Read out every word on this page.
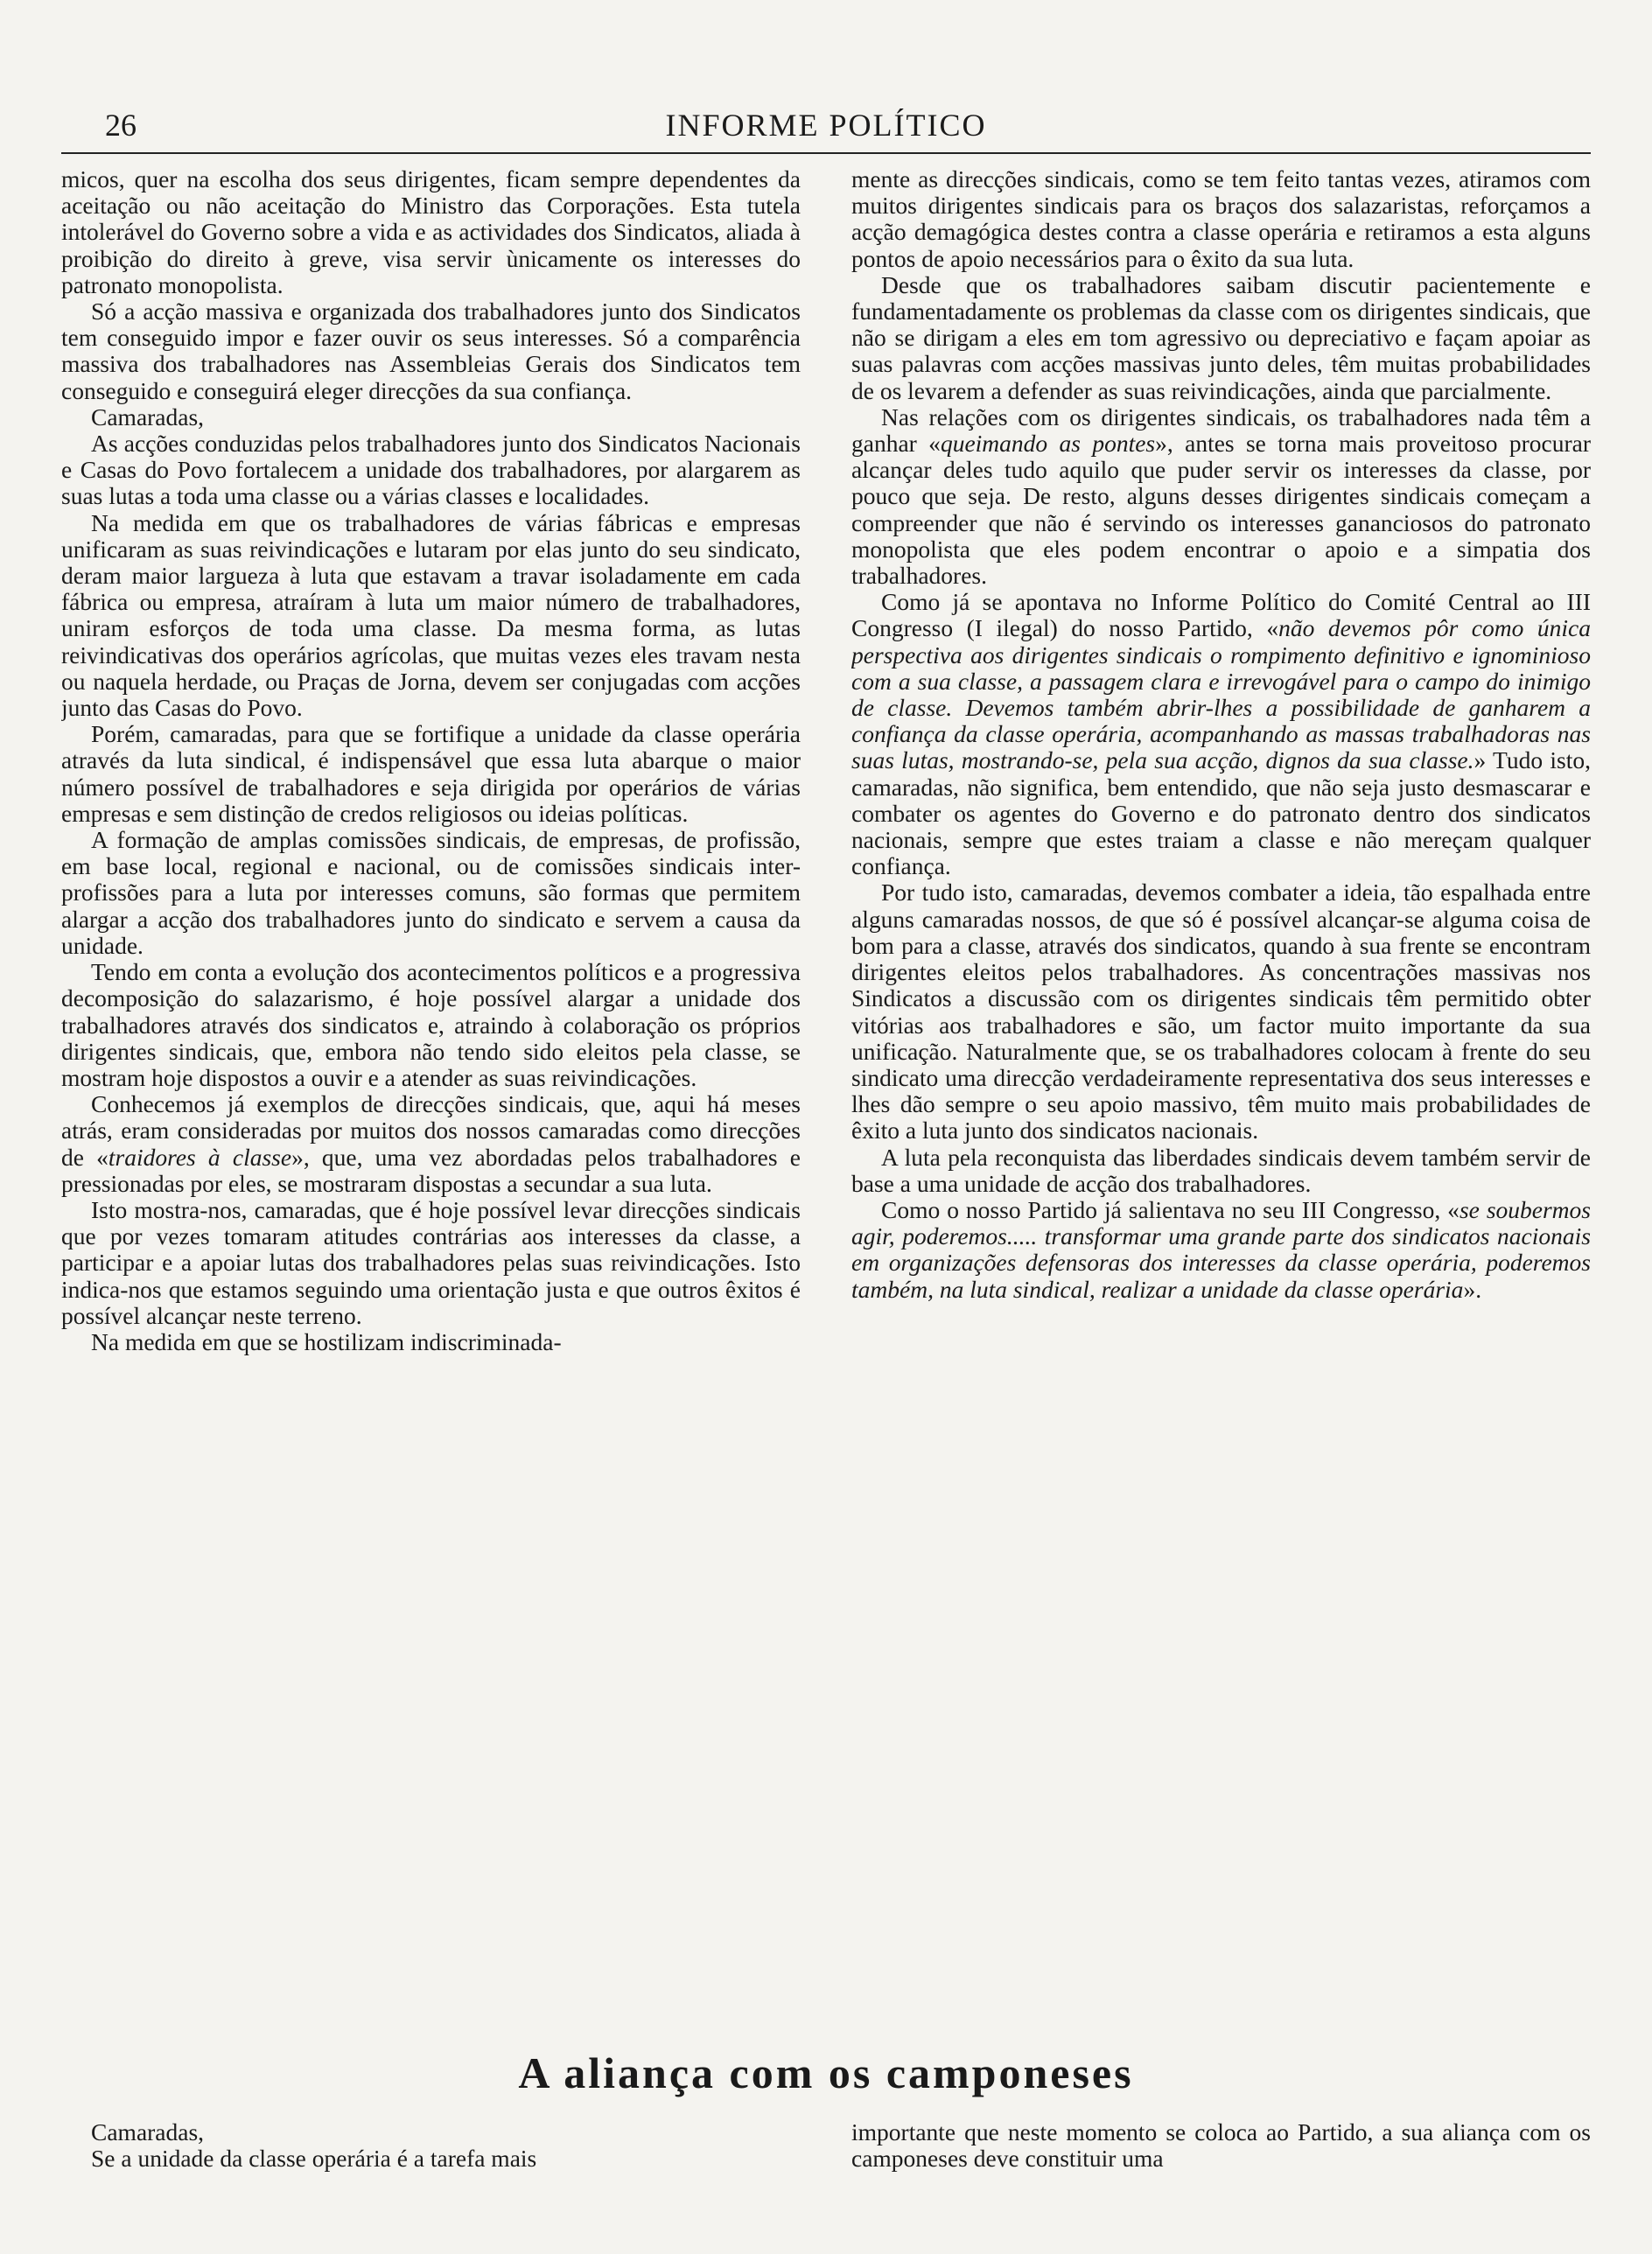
26	INFORME POLÍTICO

micos, quer na escolha dos seus dirigentes, ficam sempre dependentes da aceitação ou não aceitação do Ministro das Corporações. Esta tutela intolerável do Governo sobre a vida e as actividades dos Sindicatos, aliada à proibição do direito à greve, visa servir ùnicamente os interesses do patronato monopolista.

Só a acção massiva e organizada dos trabalhadores junto dos Sindicatos tem conseguido impor e fazer ouvir os seus interesses. Só a comparência massiva dos trabalhadores nas Assembleias Gerais dos Sindicatos tem conseguido e conseguirá eleger direcções da sua confiança.

Camaradas,

As acções conduzidas pelos trabalhadores junto dos Sindicatos Nacionais e Casas do Povo fortalecem a unidade dos trabalhadores, por alargarem as suas lutas a toda uma classe ou a várias classes e localidades.

Na medida em que os trabalhadores de várias fábricas e empresas unificaram as suas reivindicações e lutaram por elas junto do seu sindicato, deram maior largueza à luta que estavam a travar isoladamente em cada fábrica ou empresa, atraíram à luta um maior número de trabalhadores, uniram esforços de toda uma classe. Da mesma forma, as lutas reivindicativas dos operários agrícolas, que muitas vezes eles travam nesta ou naquela herdade, ou Praças de Jorna, devem ser conjugadas com acções junto das Casas do Povo.

Porém, camaradas, para que se fortifique a unidade da classe operária através da luta sindical, é indispensável que essa luta abarque o maior número possível de trabalhadores e seja dirigida por operários de várias empresas e sem distinção de credos religiosos ou ideias políticas.

A formação de amplas comissões sindicais, de empresas, de profissão, em base local, regional e nacional, ou de comissões sindicais inter-profissões para a luta por interesses comuns, são formas que permitem alargar a acção dos trabalhadores junto do sindicato e servem a causa da unidade.

Tendo em conta a evolução dos acontecimentos políticos e a progressiva decomposição do salazarismo, é hoje possível alargar a unidade dos trabalhadores através dos sindicatos e, atraindo à colaboração os próprios dirigentes sindicais, que, embora não tendo sido eleitos pela classe, se mostram hoje dispostos a ouvir e a atender as suas reivindicações.

Conhecemos já exemplos de direcções sindicais, que, aqui há meses atrás, eram consideradas por muitos dos nossos camaradas como direcções de «traidores à classe», que, uma vez abordadas pelos trabalhadores e pressionadas por eles, se mostraram dispostas a secundar a sua luta.

Isto mostra-nos, camaradas, que é hoje possível levar direcções sindicais que por vezes tomaram atitudes contrárias aos interesses da classe, a participar e a apoiar lutas dos trabalhadores pelas suas reivindicações. Isto indica-nos que estamos seguindo uma orientação justa e que outros êxitos é possível alcançar neste terreno.

Na medida em que se hostilizam indiscriminada-

mente as direcções sindicais, como se tem feito tantas vezes, atiramos com muitos dirigentes sindicais para os braços dos salazaristas, reforçamos a acção demagógica destes contra a classe operária e retiramos a esta alguns pontos de apoio necessários para o êxito da sua luta.

Desde que os trabalhadores saibam discutir pacientemente e fundamentadamente os problemas da classe com os dirigentes sindicais, que não se dirigam a eles em tom agressivo ou depreciativo e façam apoiar as suas palavras com acções massivas junto deles, têm muitas probabilidades de os levarem a defender as suas reivindicações, ainda que parcialmente.

Nas relações com os dirigentes sindicais, os trabalhadores nada têm a ganhar «queimando as pontes», antes se torna mais proveitoso procurar alcançar deles tudo aquilo que puder servir os interesses da classe, por pouco que seja. De resto, alguns desses dirigentes sindicais começam a compreender que não é servindo os interesses gananciosos do patronato monopolista que eles podem encontrar o apoio e a simpatia dos trabalhadores.

Como já se apontava no Informe Político do Comité Central ao III Congresso (I ilegal) do nosso Partido, «não devemos pôr como única perspectiva aos dirigentes sindicais o rompimento definitivo e ignominioso com a sua classe, a passagem clara e irrevogável para o campo do inimigo de classe. Devemos também abrir-lhes a possibilidade de ganharem a confiança da classe operária, acompanhando as massas trabalhadoras nas suas lutas, mostrando-se, pela sua acção, dignos da sua classe.» Tudo isto, camaradas, não significa, bem entendido, que não seja justo desmascarar e combater os agentes do Governo e do patronato dentro dos sindicatos nacionais, sempre que estes traiam a classe e não mereçam qualquer confiança.

Por tudo isto, camaradas, devemos combater a ideia, tão espalhada entre alguns camaradas nossos, de que só é possível alcançar-se alguma coisa de bom para a classe, através dos sindicatos, quando à sua frente se encontram dirigentes eleitos pelos trabalhadores. As concentrações massivas nos Sindicatos a discussão com os dirigentes sindicais têm permitido obter vitórias aos trabalhadores e são, um factor muito importante da sua unificação. Naturalmente que, se os trabalhadores colocam à frente do seu sindicato uma direcção verdadeiramente representativa dos seus interesses e lhes dão sempre o seu apoio massivo, têm muito mais probabilidades de êxito a luta junto dos sindicatos nacionais.

A luta pela reconquista das liberdades sindicais devem também servir de base a uma unidade de acção dos trabalhadores.

Como o nosso Partido já salientava no seu III Congresso, «se soubermos agir, poderemos..... transformar uma grande parte dos sindicatos nacionais em organizações defensoras dos interesses da classe operária, poderemos também, na luta sindical, realizar a unidade da classe operária».

A aliança com os camponeses

Camaradas,

Se a unidade da classe operária é a tarefa mais

importante que neste momento se coloca ao Partido, a sua aliança com os camponeses deve constituir uma
